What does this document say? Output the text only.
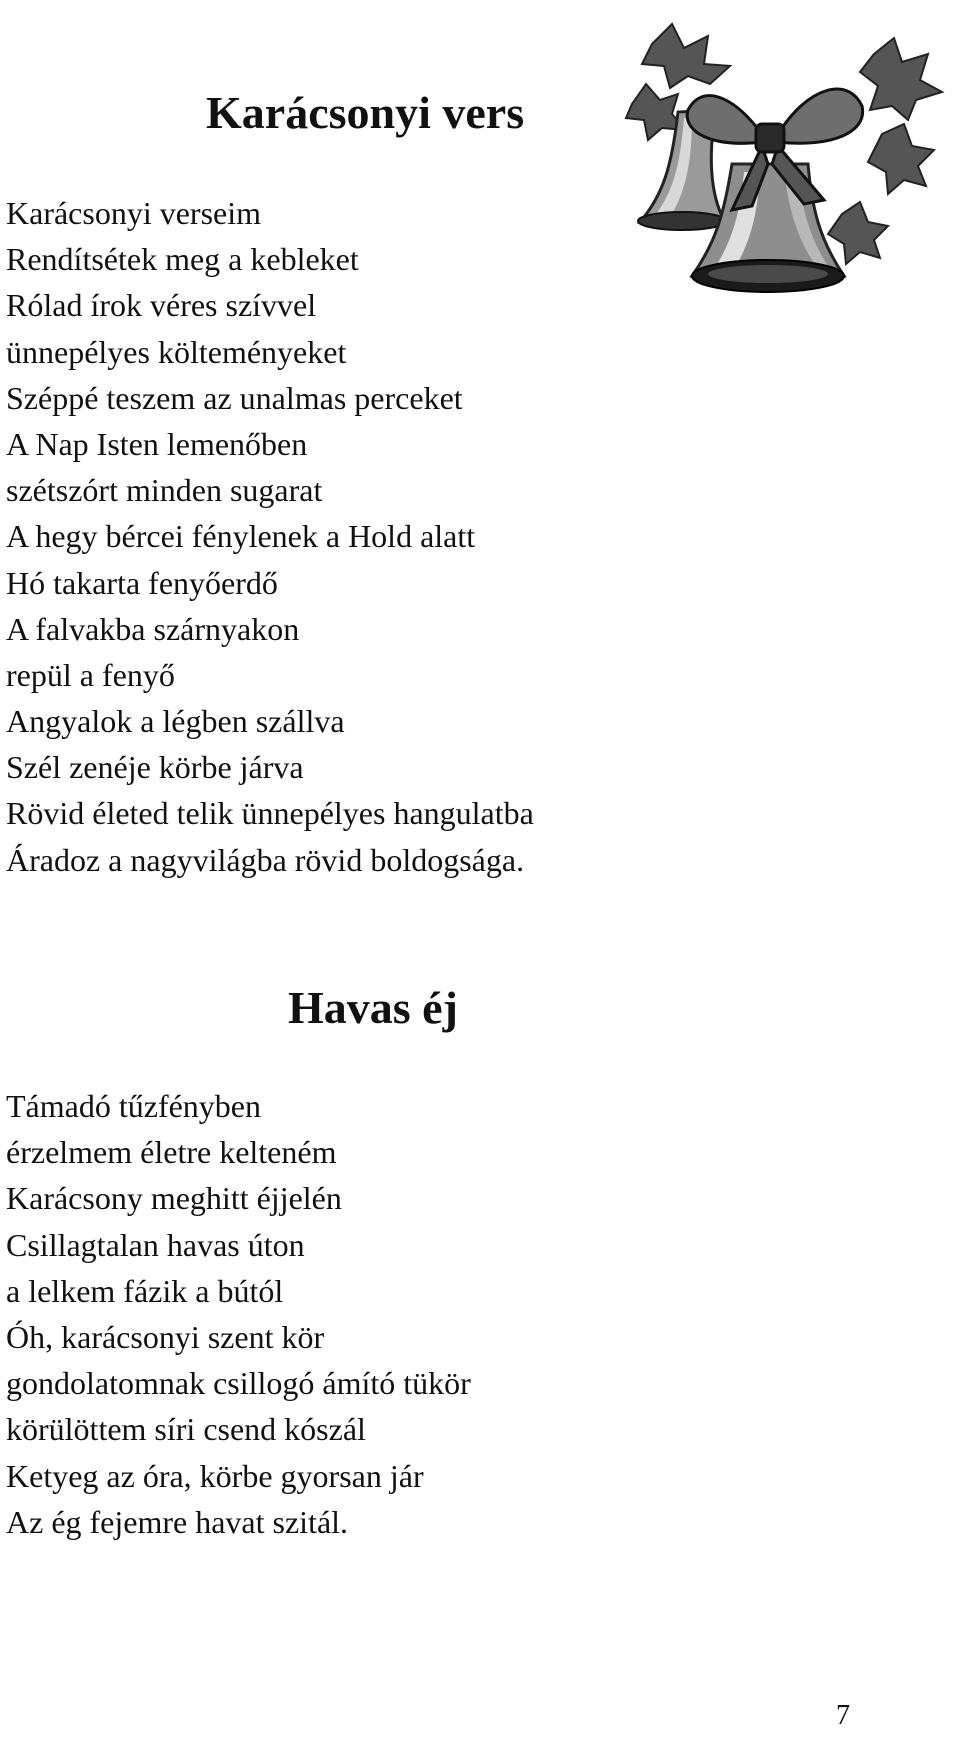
Karácsonyi vers
Karácsonyi verseim
Rendítsétek meg a kebleket
Rólad írok véres szívvel
ünnepélyes költeményeket
Széppé teszem az unalmas perceket
A Nap Isten lemenőben
szétszórt minden sugarat
A hegy bércei fénylenek a Hold alatt
Hó takarta fenyőerdő
A falvakba szárnyakon
repül a fenyő
Angyalok a légben szállva
Szél zenéje körbe járva
Rövid életed telik ünnepélyes hangulatba
Áradoz a nagyvilágba rövid boldogsága.
Havas éj
Támadó tűzfényben
érzelmem életre kelteném
Karácsony meghitt éjjelén
Csillagtalan havas úton
a lelkem fázik a bútól
Óh, karácsonyi szent kör
gondolatomnak csillogó ámító tükör
körülöttem síri csend kószál
Ketyeg az óra, körbe gyorsan jár
Az ég fejemre havat szitál.
7
